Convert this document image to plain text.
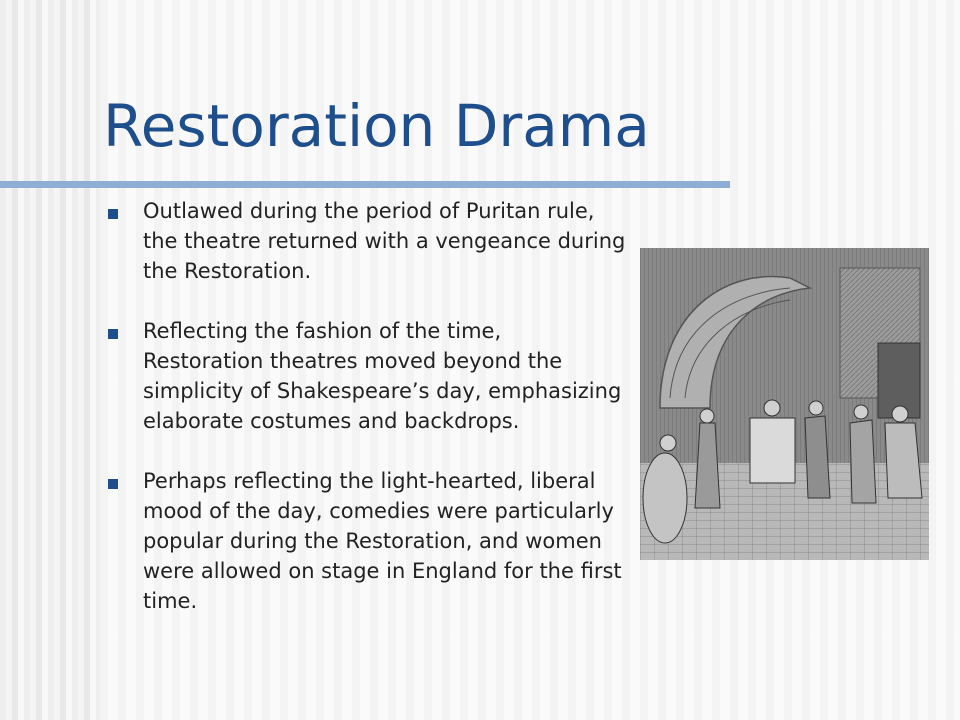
Restoration Drama
Outlawed during the period of Puritan rule, the theatre returned with a vengeance during the Restoration.
Reflecting the fashion of the time, Restoration theatres moved beyond the simplicity of Shakespeare’s day, emphasizing elaborate costumes and backdrops.
Perhaps reflecting the light-hearted, liberal mood of the day, comedies were particularly popular during the Restoration, and women were allowed on stage in England for the first time.
